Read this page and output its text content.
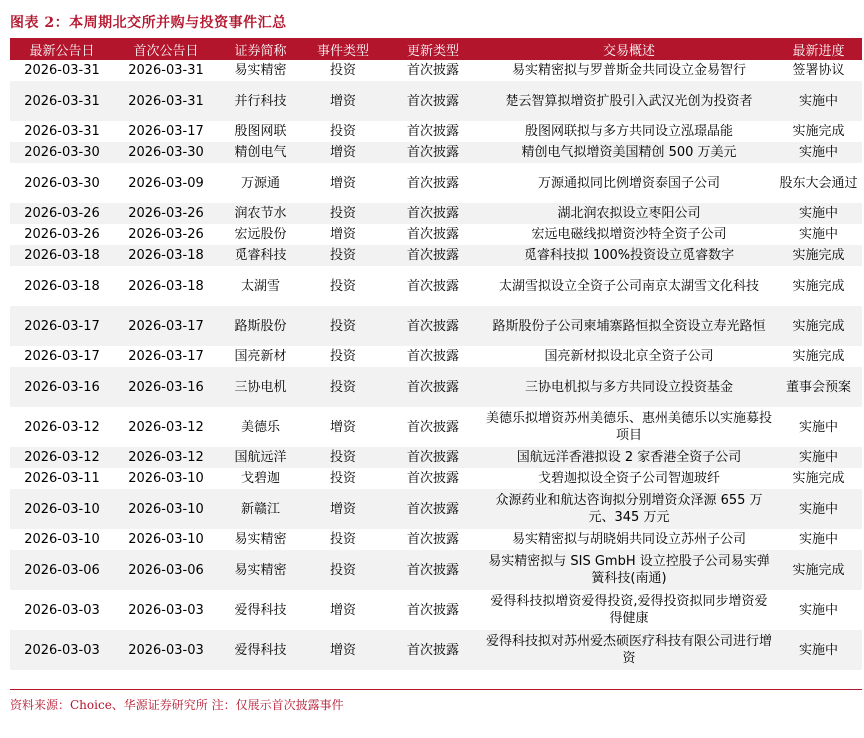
图表 2：本周期北交所并购与投资事件汇总
最新公告日	首次公告日	证券简称	事件类型	更新类型	交易概述	最新进度
2026-03-31	2026-03-31	易实精密	投资	首次披露	易实精密拟与罗普斯金共同设立金易智行	签署协议
2026-03-31	2026-03-31	并行科技	增资	首次披露	楚云智算拟增资扩股引入武汉光创为投资者	实施中
2026-03-31	2026-03-17	殷图网联	投资	首次披露	殷图网联拟与多方共同设立泓璟晶能	实施完成
2026-03-30	2026-03-30	精创电气	增资	首次披露	精创电气拟增资美国精创 500 万美元	实施中
2026-03-30	2026-03-09	万源通	增资	首次披露	万源通拟同比例增资泰国子公司	股东大会通过
2026-03-26	2026-03-26	润农节水	投资	首次披露	湖北润农拟设立枣阳公司	实施中
2026-03-26	2026-03-26	宏远股份	增资	首次披露	宏远电磁线拟增资沙特全资子公司	实施中
2026-03-18	2026-03-18	觅睿科技	投资	首次披露	觅睿科技拟 100%投资设立觅睿数字	实施完成
2026-03-18	2026-03-18	太湖雪	投资	首次披露	太湖雪拟设立全资子公司南京太湖雪文化科技	实施完成
2026-03-17	2026-03-17	路斯股份	投资	首次披露	路斯股份子公司柬埔寨路恒拟全资设立寿光路恒	实施完成
2026-03-17	2026-03-17	国亮新材	投资	首次披露	国亮新材拟设北京全资子公司	实施完成
2026-03-16	2026-03-16	三协电机	投资	首次披露	三协电机拟与多方共同设立投资基金	董事会预案
2026-03-12	2026-03-12	美德乐	增资	首次披露	美德乐拟增资苏州美德乐、惠州美德乐以实施募投项目	实施中
2026-03-12	2026-03-12	国航远洋	投资	首次披露	国航远洋香港拟设 2 家香港全资子公司	实施中
2026-03-11	2026-03-10	戈碧迦	投资	首次披露	戈碧迦拟设全资子公司智迦玻纤	实施完成
2026-03-10	2026-03-10	新赣江	增资	首次披露	众源药业和航达咨询拟分别增资众泽源 655 万元、345 万元	实施中
2026-03-10	2026-03-10	易实精密	投资	首次披露	易实精密拟与胡晓娟共同设立苏州子公司	实施中
2026-03-06	2026-03-06	易实精密	投资	首次披露	易实精密拟与 SIS GmbH 设立控股子公司易实弹簧科技(南通)	实施完成
2026-03-03	2026-03-03	爱得科技	增资	首次披露	爱得科技拟增资爱得投资,爱得投资拟同步增资爱得健康	实施中
2026-03-03	2026-03-03	爱得科技	增资	首次披露	爱得科技拟对苏州爱杰硕医疗科技有限公司进行增资	实施中
资料来源：Choice、华源证券研究所 注：仅展示首次披露事件
